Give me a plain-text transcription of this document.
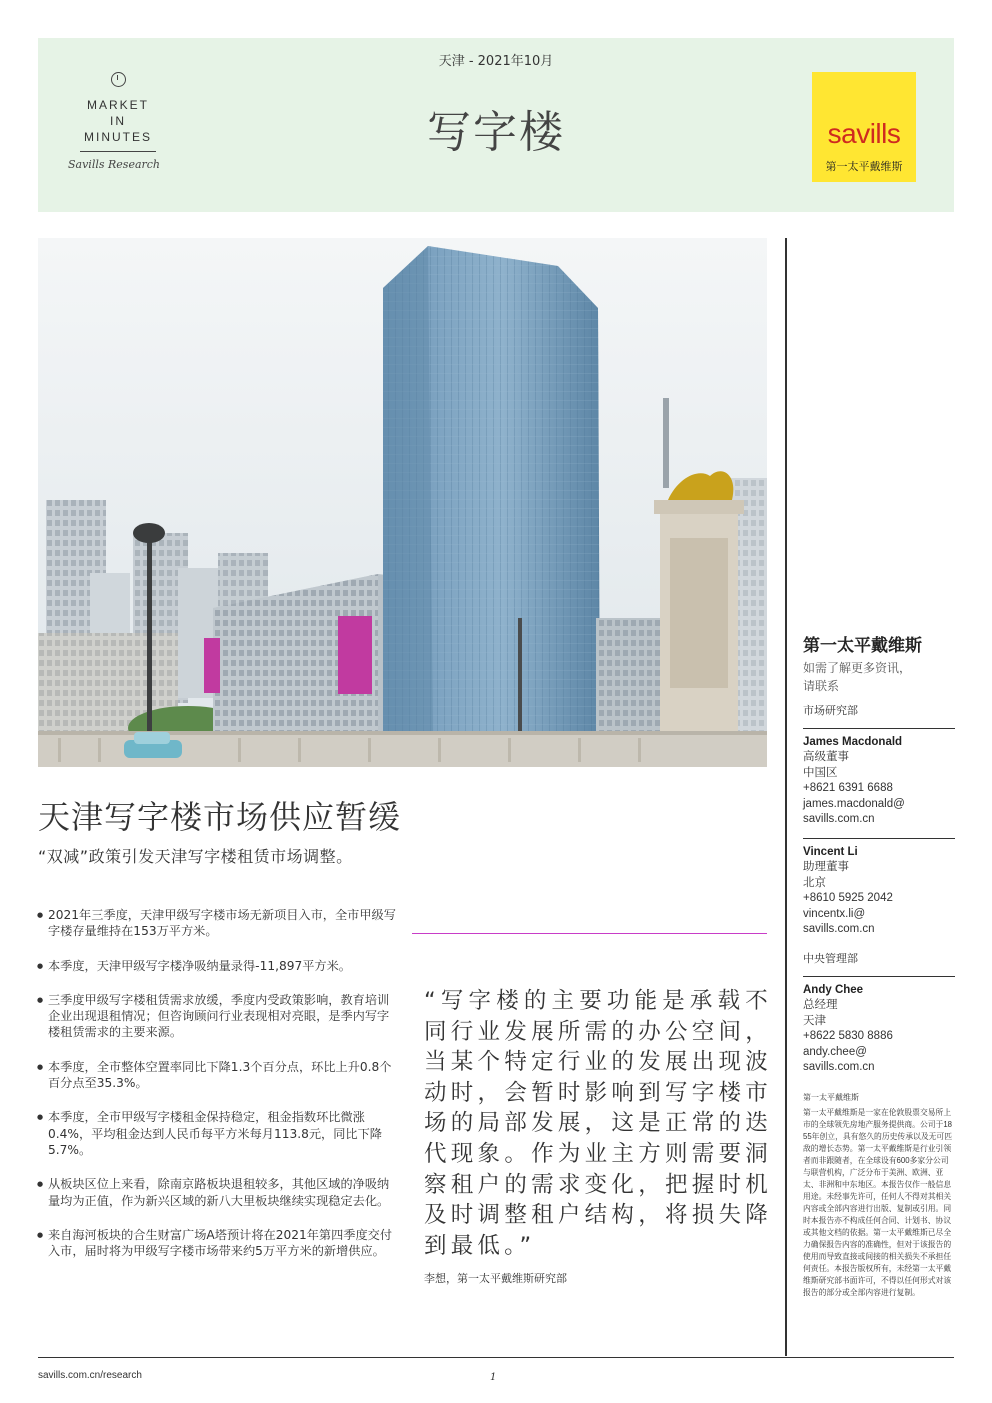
MARKET
IN
MINUTES
Savills Research
天津 - 2021年10月
写字楼	savills
第一太平戴维斯
第一太平戴维斯
如需了解更多资讯，
请联系
市场研究部
James Macdonald
高级董事
中国区
+8621 6391 6688
james.macdonald@
savills.com.cn
Vincent Li
助理董事
北京
+8610 5925 2042
vincentx.li@
savills.com.cn
中央管理部
Andy Chee
总经理
天津
+8622 5830 8886
andy.chee@
savills.com.cn
第一太平戴维斯
第一太平戴维斯是一家在伦敦股票交易所上市的全球领先房地产服务提供商。公司于1855年创立，具有悠久的历史传承以及无可匹敌的增长态势。第一太平戴维斯是行业引领者而非跟随者，在全球设有600多家分公司与联营机构，广泛分布于美洲、欧洲、亚太、非洲和中东地区。本报告仅作一般信息用途。未经事先许可，任何人不得对其相关内容或全部内容进行出版、复制或引用。同时本报告亦不构成任何合同、计划书、协议或其他文档的依据。第一太平戴维斯已尽全力确保报告内容的准确性，但对于该报告的使用而导致直接或间接的相关损失不承担任何责任。本报告版权所有，未经第一太平戴维斯研究部书面许可，不得以任何形式对该报告的部分或全部内容进行复制。
天津写字楼市场供应暂缓
“双减”政策引发天津写字楼租赁市场调整。
● 2021年三季度，天津甲级写字楼市场无新项目入市，全市甲级写字楼存量维持在153万平方米。
● 本季度，天津甲级写字楼净吸纳量录得-11,897平方米。
● 三季度甲级写字楼租赁需求放缓，季度内受政策影响，教育培训企业出现退租情况；但咨询顾问行业表现相对亮眼，是季内写字楼租赁需求的主要来源。
● 本季度，全市整体空置率同比下降1.3个百分点，环比上升0.8个百分点至35.3%。
● 本季度，全市甲级写字楼租金保持稳定，租金指数环比微涨0.4%，平均租金达到人民币每平方米每月113.8元，同比下降5.7%。
● 从板块区位上来看，除南京路板块退租较多，其他区域的净吸纳量均为正值，作为新兴区域的新八大里板块继续实现稳定去化。
● 来自海河板块的合生财富广场A塔预计将在2021年第四季度交付入市，届时将为甲级写字楼市场带来约5万平方米的新增供应。
“写字楼的主要功能是承载不同行业发展所需的办公空间，当某个特定行业的发展出现波动时，会暂时影响到写字楼市场的局部发展，这是正常的迭代现象。作为业主方则需要洞察租户的需求变化，把握时机及时调整租户结构，将损失降到最低。”
李想，第一太平戴维斯研究部
savills.com.cn/research	1
